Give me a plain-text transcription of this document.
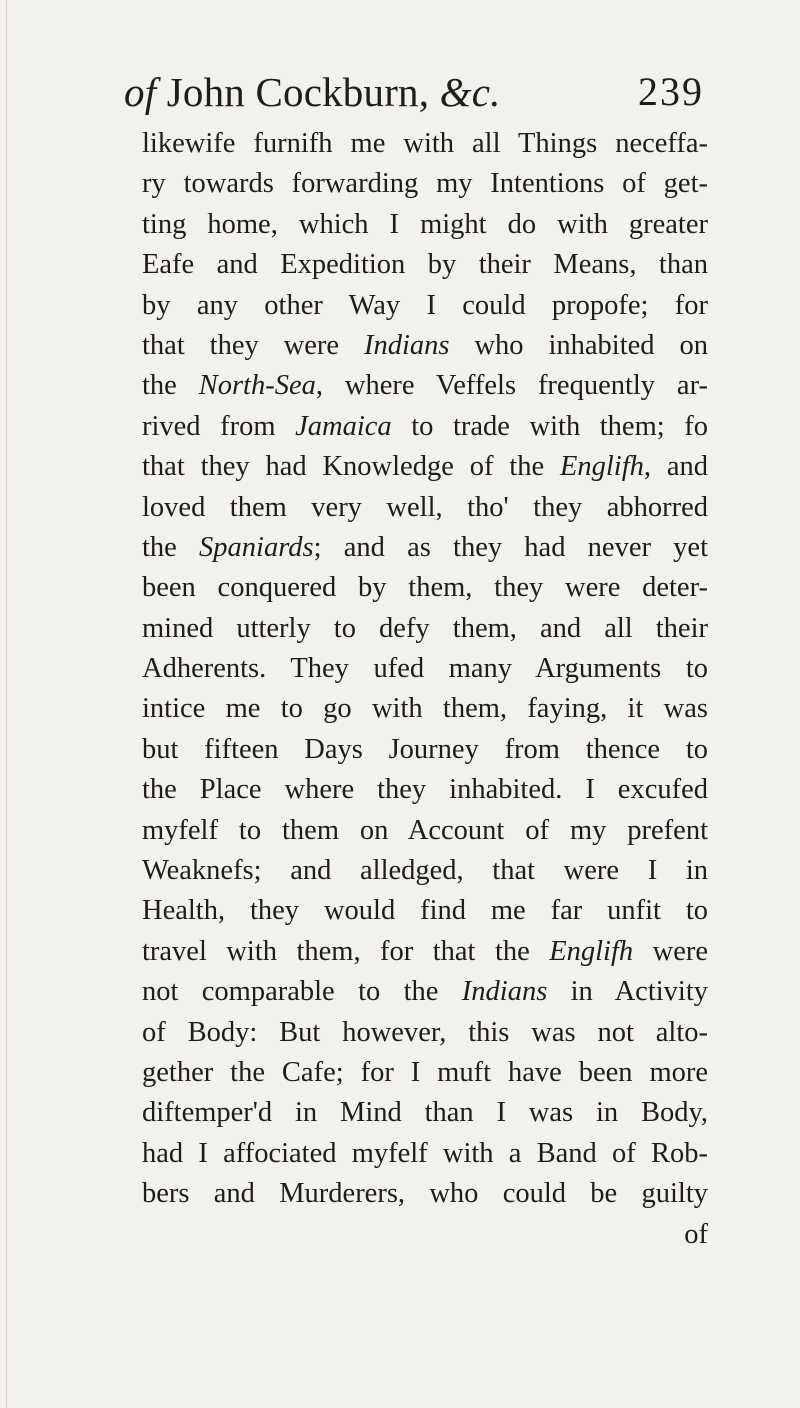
of John Cockburn, &c.	239
likewife furnifh me with all Things neceffa-
ry towards forwarding my Intentions of get-
ting home, which I might do with greater
Eafe and Expedition by their Means, than
by any other Way I could propofe; for
that they were Indians who inhabited on
the North-Sea, where Veffels frequently ar-
rived from Jamaica to trade with them; fo
that they had Knowledge of the Englifh, and
loved them very well, tho' they abhorred
the Spaniards; and as they had never yet
been conquered by them, they were deter-
mined utterly to defy them, and all their
Adherents. They ufed many Arguments to
intice me to go with them, faying, it was
but fifteen Days Journey from thence to
the Place where they inhabited. I excufed
myfelf to them on Account of my prefent
Weaknefs; and alledged, that were I in
Health, they would find me far unfit to
travel with them, for that the Englifh were
not comparable to the Indians in Activity
of Body: But however, this was not alto-
gether the Cafe; for I muft have been more
diftemper'd in Mind than I was in Body,
had I affociated myfelf with a Band of Rob-
bers and Murderers, who could be guilty
of
